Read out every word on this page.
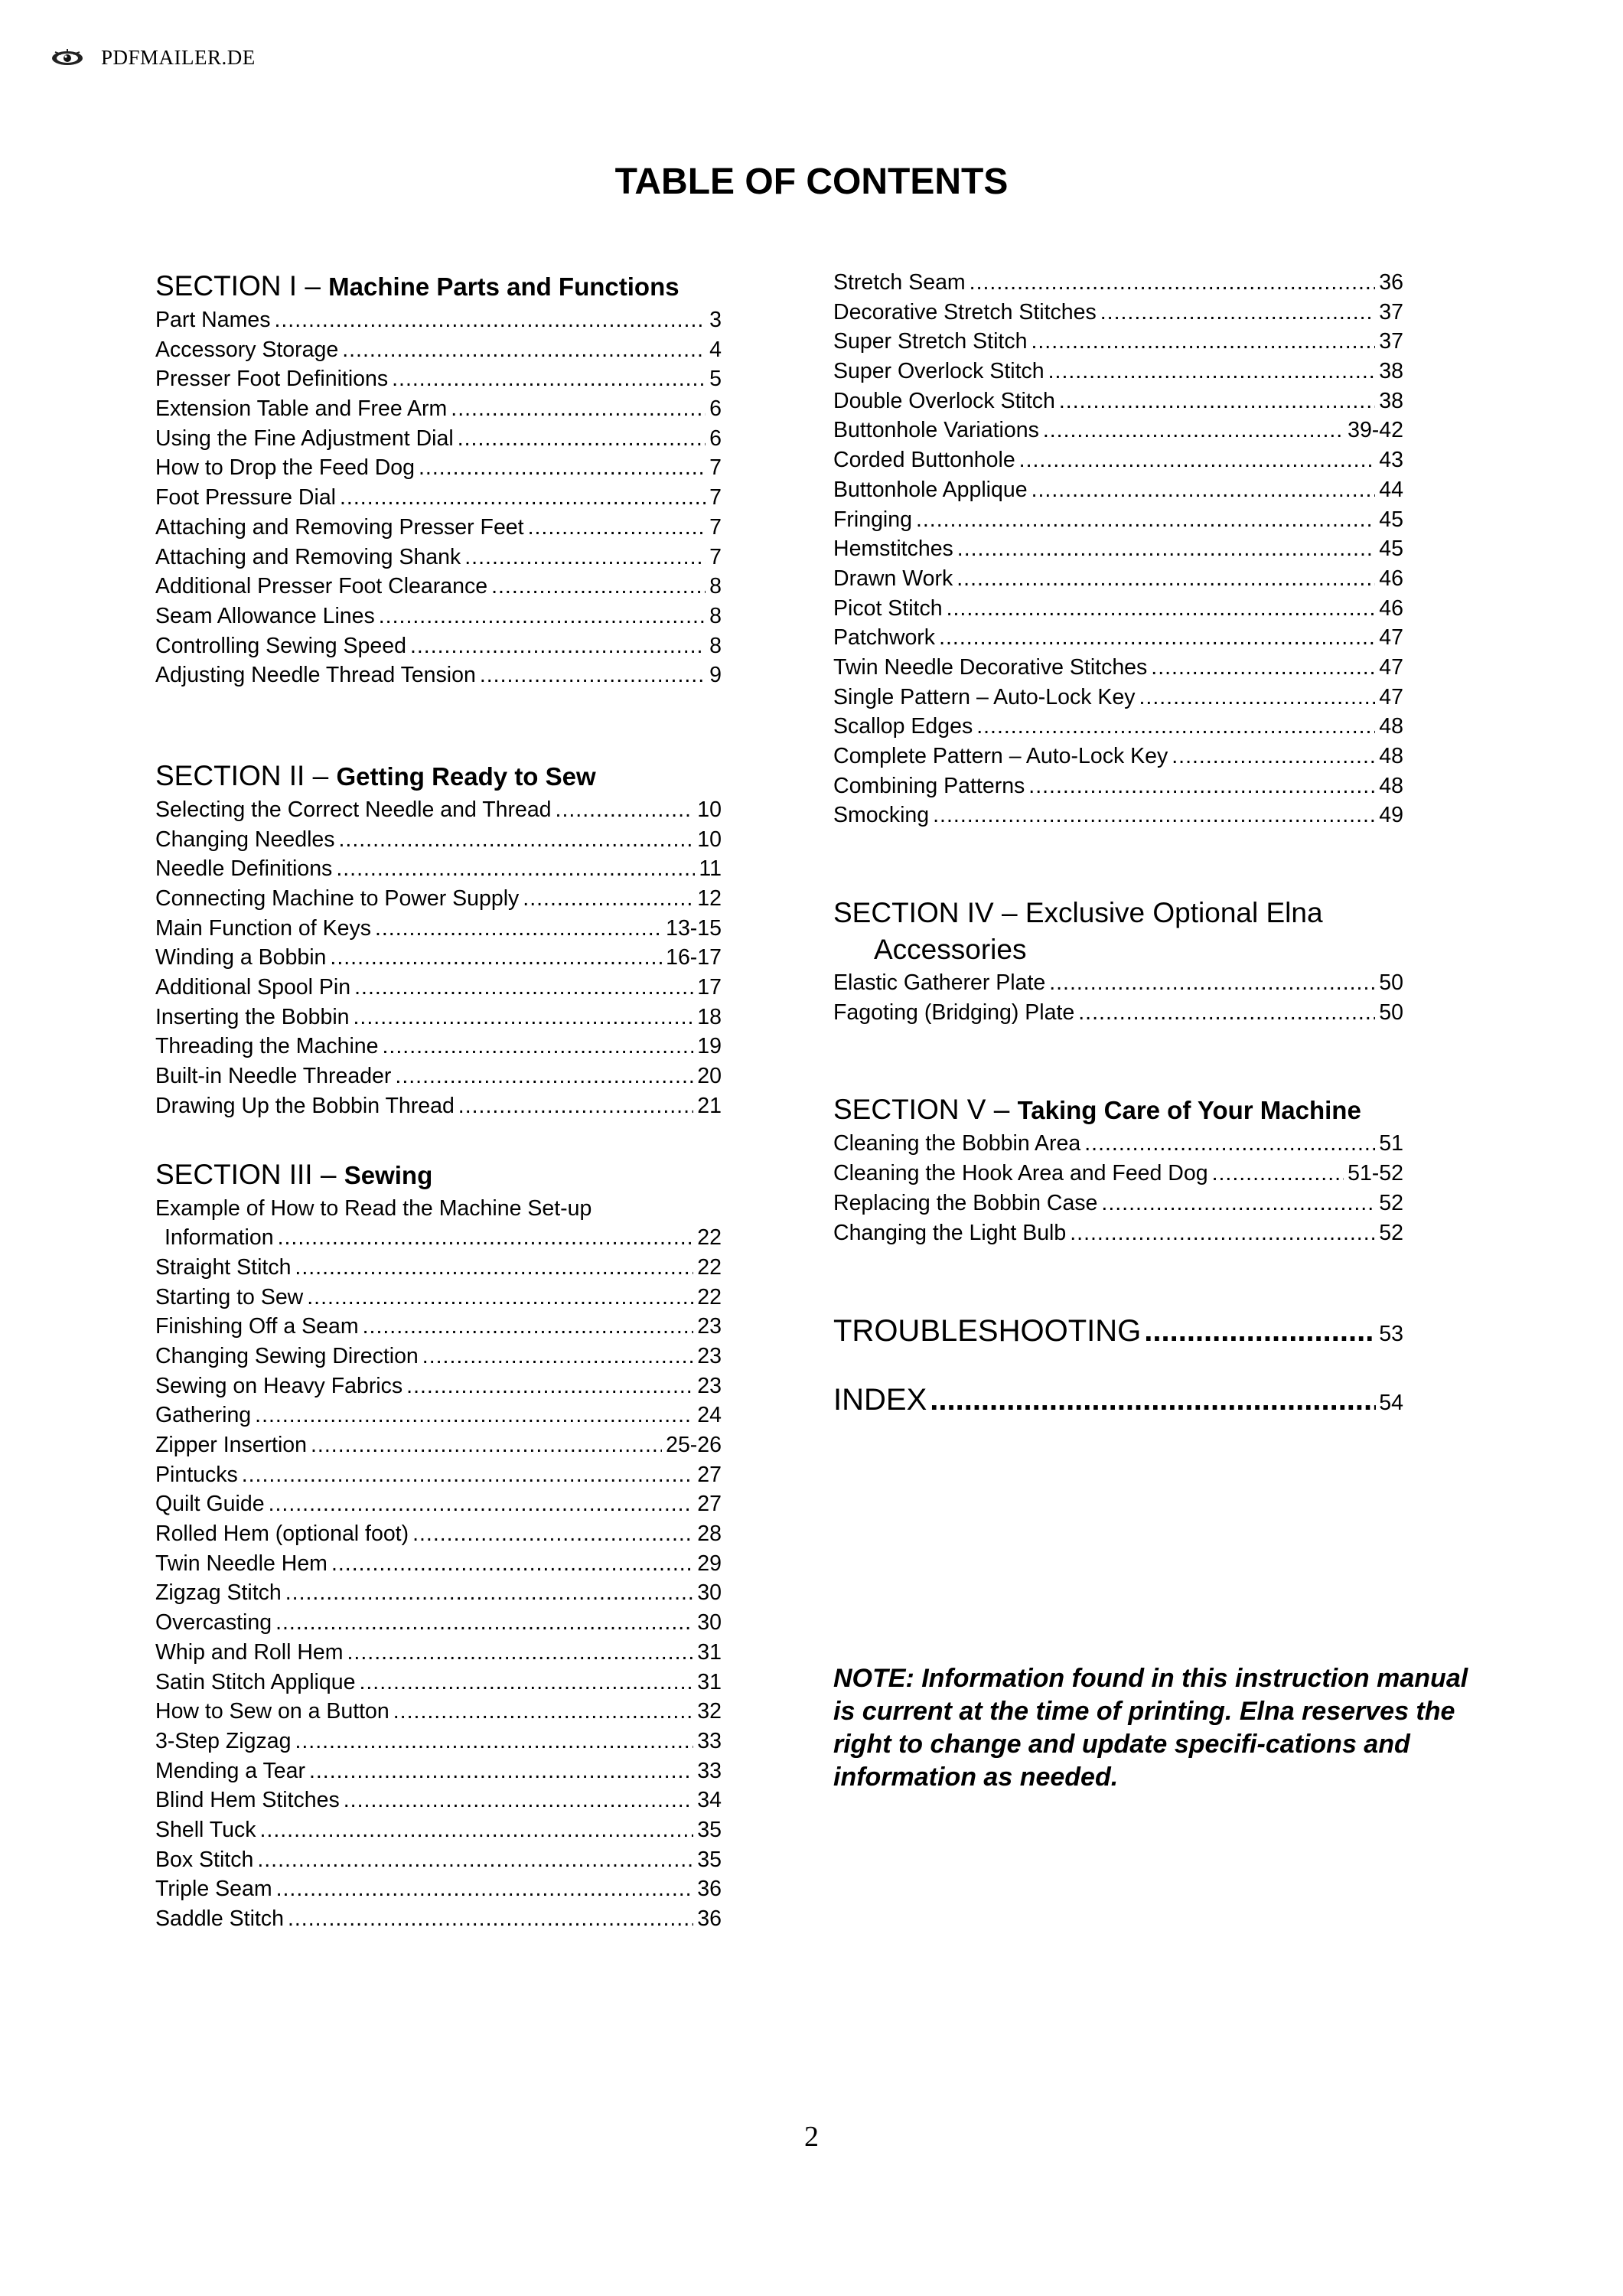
PDFMAILER.DE
TABLE OF CONTENTS
SECTION I – Machine Parts and Functions
Part Names .....	3
Accessory Storage .....	4
Presser Foot Definitions .....	5
Extension Table and Free Arm .....	6
Using the Fine Adjustment Dial .....	6
How to Drop the Feed Dog .....	7
Foot Pressure Dial .....	7
Attaching and Removing Presser Feet .....	7
Attaching and Removing Shank .....	7
Additional Presser Foot Clearance .....	8
Seam Allowance Lines .....	8
Controlling Sewing Speed .....	8
Adjusting Needle Thread Tension .....	9
SECTION II – Getting Ready to Sew
Selecting the Correct Needle and Thread .....	10
Changing Needles .....	10
Needle Definitions .....	11
Connecting Machine to Power Supply .....	12
Main Function of Keys .....	13-15
Winding a Bobbin .....	16-17
Additional Spool Pin .....	17
Inserting the Bobbin .....	18
Threading the Machine .....	19
Built-in Needle Threader .....	20
Drawing Up the Bobbin Thread .....	21
SECTION III – Sewing
Example of How to Read the Machine Set-up
Information .....	22
Straight Stitch .....	22
Starting to Sew .....	22
Finishing Off a Seam .....	23
Changing Sewing Direction .....	23
Sewing on Heavy Fabrics .....	23
Gathering .....	24
Zipper Insertion .....	25-26
Pintucks .....	27
Quilt Guide .....	27
Rolled Hem (optional foot) .....	28
Twin Needle Hem .....	29
Zigzag Stitch .....	30
Overcasting .....	30
Whip and Roll Hem .....	31
Satin Stitch Applique .....	31
How to Sew on a Button .....	32
3-Step Zigzag .....	33
Mending a Tear .....	33
Blind Hem Stitches .....	34
Shell Tuck .....	35
Box Stitch .....	35
Triple Seam .....	36
Saddle Stitch .....	36
Stretch Seam .....	36
Decorative Stretch Stitches .....	37
Super Stretch Stitch .....	37
Super Overlock Stitch .....	38
Double Overlock Stitch .....	38
Buttonhole Variations .....	39-42
Corded Buttonhole .....	43
Buttonhole Applique .....	44
Fringing .....	45
Hemstitches .....	45
Drawn Work .....	46
Picot Stitch .....	46
Patchwork .....	47
Twin Needle Decorative Stitches .....	47
Single Pattern – Auto-Lock Key .....	47
Scallop Edges .....	48
Complete Pattern – Auto-Lock Key .....	48
Combining Patterns .....	48
Smocking .....	49
SECTION IV – Exclusive Optional Elna
Accessories
Elastic Gatherer Plate .....	50
Fagoting (Bridging) Plate .....	50
SECTION V – Taking Care of Your Machine
Cleaning the Bobbin Area .....	51
Cleaning the Hook Area and Feed Dog .....	51-52
Replacing the Bobbin Case .....	52
Changing the Light Bulb .....	52
TROUBLESHOOTING .....	53
INDEX .....	54
NOTE: Information found in this instruction manual is current at the time of printing. Elna reserves the right to change and update specifi-cations and information as needed.
2
